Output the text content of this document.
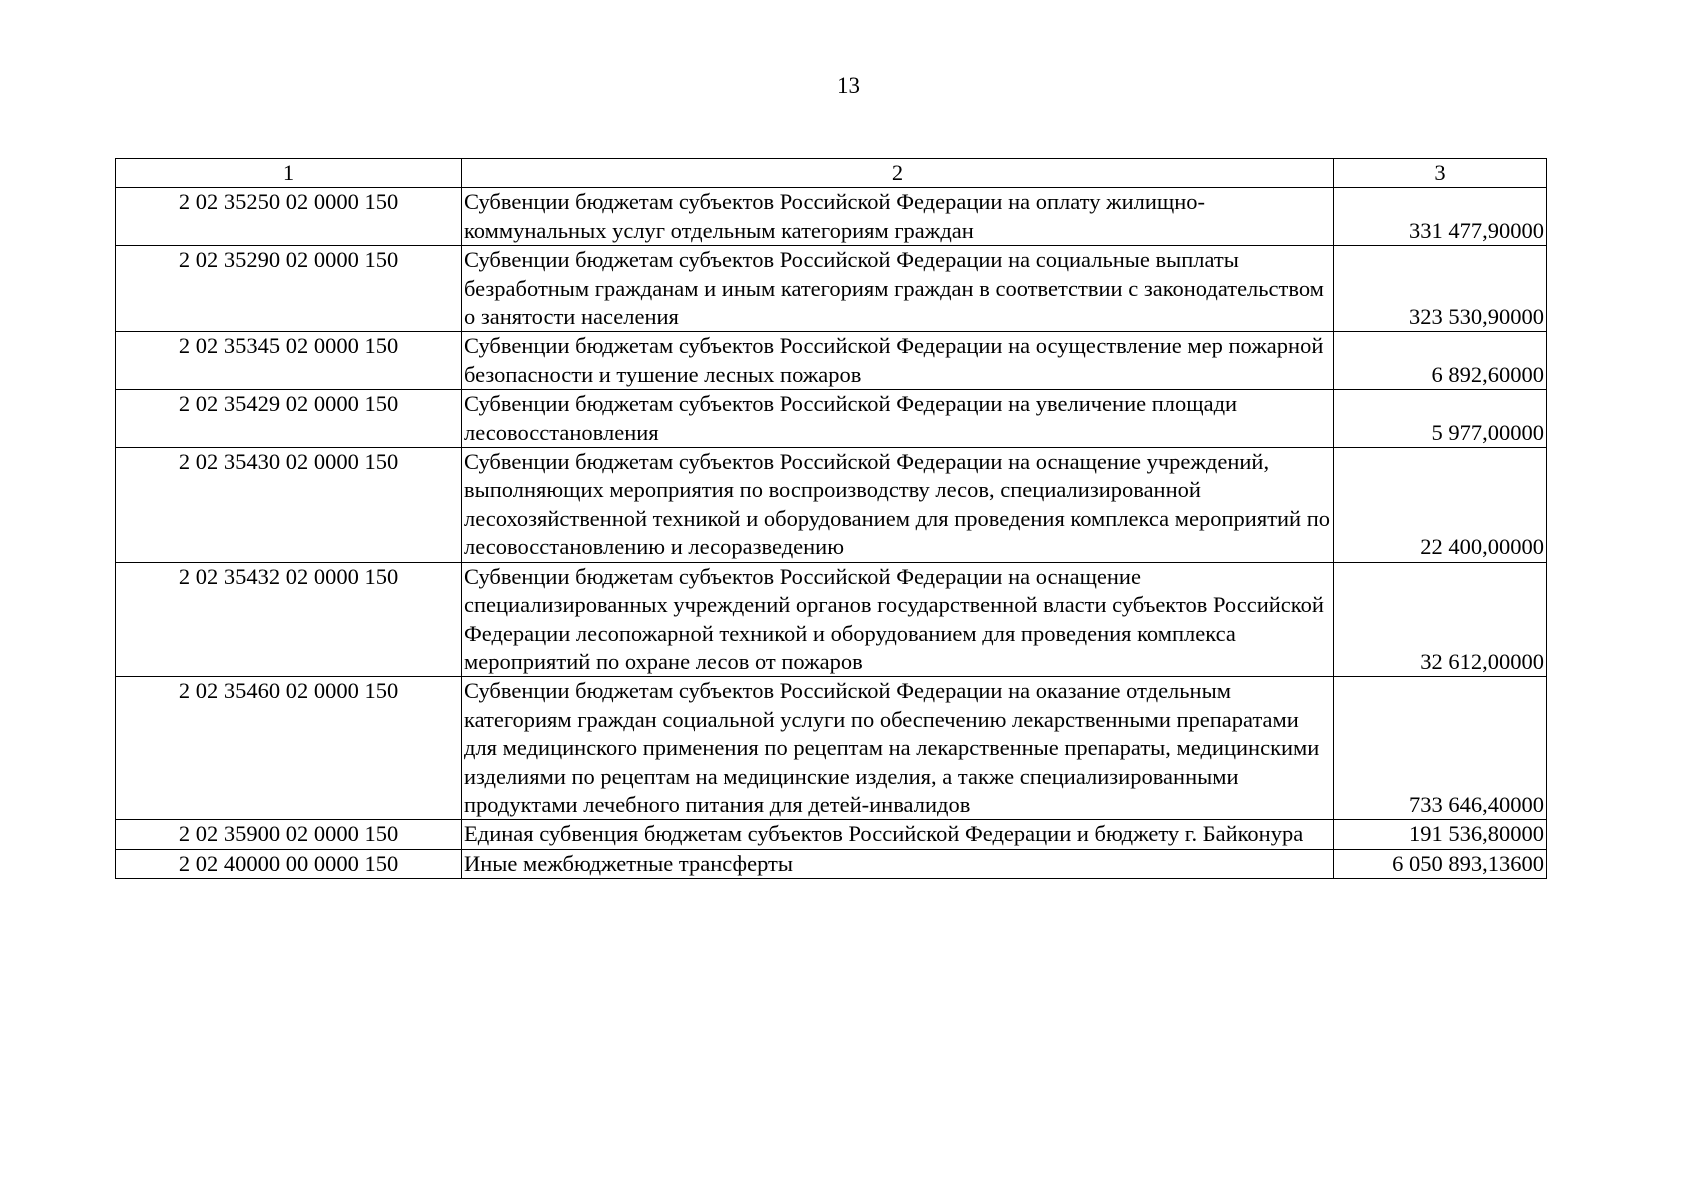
13
1	2	3
2 02 35250 02 0000 150	Субвенции бюджетам субъектов Российской Федерации на оплату жилищно-коммунальных услуг отдельным категориям граждан	331 477,90000
2 02 35290 02 0000 150	Субвенции бюджетам субъектов Российской Федерации на социальные выплаты безработным гражданам и иным категориям граждан в соответствии с законодательством о занятости населения	323 530,90000
2 02 35345 02 0000 150	Субвенции бюджетам субъектов Российской Федерации на осуществление мер пожарной безопасности и тушение лесных пожаров	6 892,60000
2 02 35429 02 0000 150	Субвенции бюджетам субъектов Российской Федерации на увеличение площади лесовосстановления	5 977,00000
2 02 35430 02 0000 150	Субвенции бюджетам субъектов Российской Федерации на оснащение учреждений, выполняющих мероприятия по воспроизводству лесов, специализированной лесохозяйственной техникой и оборудованием для проведения комплекса мероприятий по лесовосстановлению и лесоразведению	22 400,00000
2 02 35432 02 0000 150	Субвенции бюджетам субъектов Российской Федерации на оснащение специализированных учреждений органов государственной власти субъектов Российской Федерации лесопожарной техникой и оборудованием для проведения комплекса мероприятий по охране лесов от пожаров	32 612,00000
2 02 35460 02 0000 150	Субвенции бюджетам субъектов Российской Федерации на оказание отдельным категориям граждан социальной услуги по обеспечению лекарственными препаратами для медицинского применения по рецептам на лекарственные препараты, медицинскими изделиями по рецептам на медицинские изделия, а также специализированными продуктами лечебного питания для детей-инвалидов	733 646,40000
2 02 35900 02 0000 150	Единая субвенция бюджетам субъектов Российской Федерации и бюджету г. Байконура	191 536,80000
2 02 40000 00 0000 150	Иные межбюджетные трансферты	6 050 893,13600
